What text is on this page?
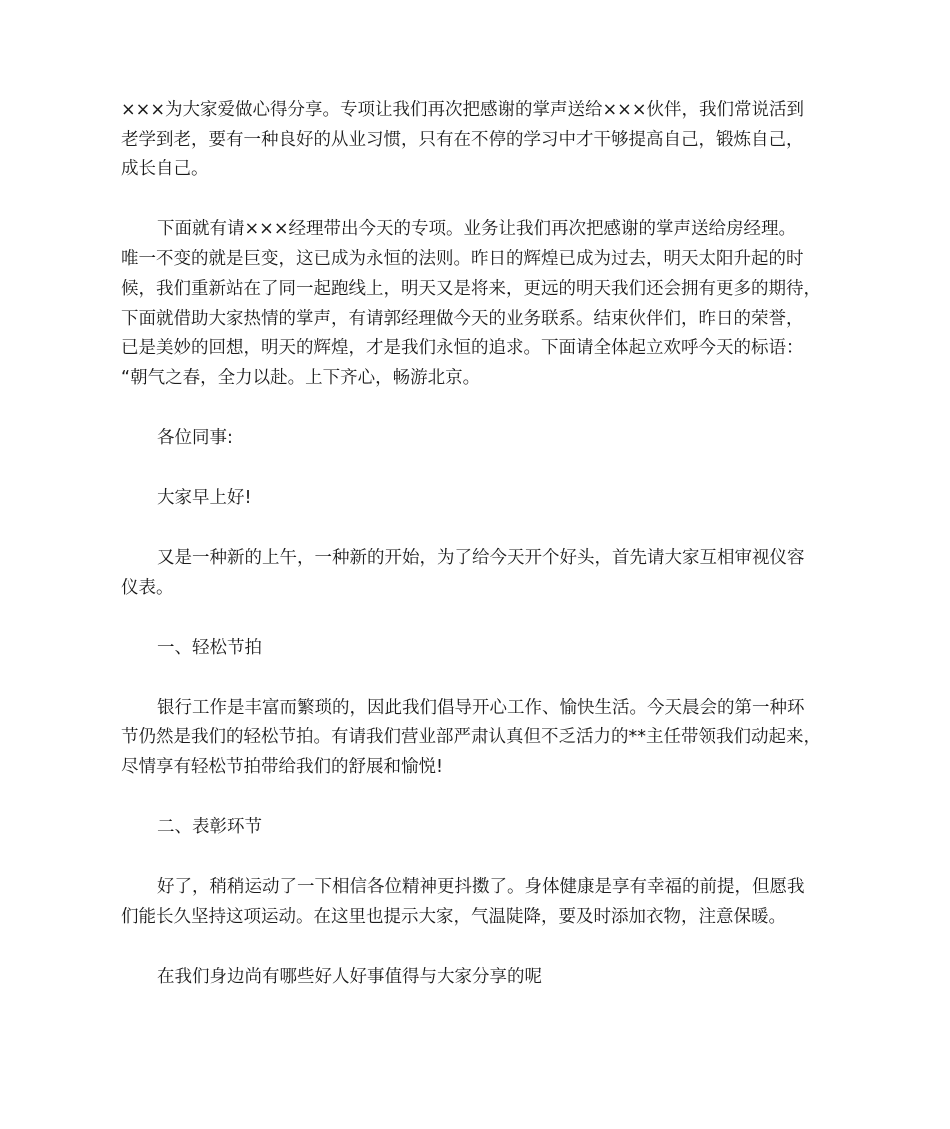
×××为大家爱做心得分享。专项让我们再次把感谢的掌声送给×××伙伴，我们常说活到
老学到老，要有一种良好的从业习惯，只有在不停的学习中才干够提高自己，锻炼自己，
成长自己。
下面就有请×××经理带出今天的专项。业务让我们再次把感谢的掌声送给房经理。
唯一不变的就是巨变，这已成为永恒的法则。昨日的辉煌已成为过去，明天太阳升起的时
候，我们重新站在了同一起跑线上，明天又是将来，更远的明天我们还会拥有更多的期待，
下面就借助大家热情的掌声，有请郭经理做今天的业务联系。结束伙伴们，昨日的荣誉，
已是美妙的回想，明天的辉煌，才是我们永恒的追求。下面请全体起立欢呼今天的标语：
“朝气之春，全力以赴。上下齐心，畅游北京。
各位同事:
大家早上好!
又是一种新的上午，一种新的开始，为了给今天开个好头，首先请大家互相审视仪容
仪表。
一、轻松节拍
银行工作是丰富而繁琐的，因此我们倡导开心工作、愉快生活。今天晨会的第一种环
节仍然是我们的轻松节拍。有请我们营业部严肃认真但不乏活力的**主任带领我们动起来，
尽情享有轻松节拍带给我们的舒展和愉悦!
二、表彰环节
好了，稍稍运动了一下相信各位精神更抖擞了。身体健康是享有幸福的前提，但愿我
们能长久坚持这项运动。在这里也提示大家，气温陡降，要及时添加衣物，注意保暖。
在我们身边尚有哪些好人好事值得与大家分享的呢
